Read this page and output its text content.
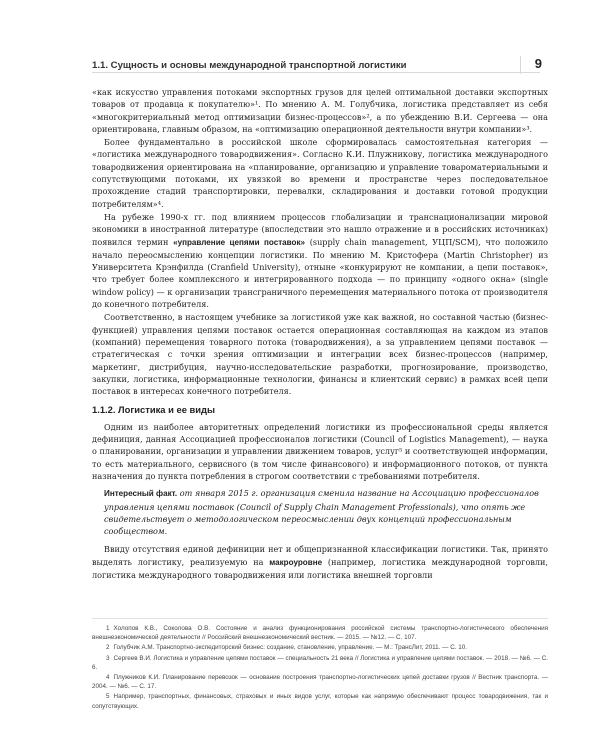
1.1. Сущность и основы международной транспортной логистики	9

«как искусство управления потоками экспортных грузов для целей оптимальной доставки экспортных товаров от продавца к покупателю»¹. По мнению А. М. Голубчика, логистика представляет из себя «многокритериальный метод оптимизации бизнес-процессов»², а по убеждению В.И. Сергеева — она ориентирована, главным образом, на «оптимизацию операционной деятельности внутри компании»³.

Более фундаментально в российской школе сформировалась самостоятельная категория — «логистика международного товародвижения». Согласно К.И. Плужникову, логистика международного товародвижения ориентирована на «планирование, организацию и управление товароматериальными и сопутствующими потоками, их увязкой во времени и пространстве через последовательное прохождение стадий транспортировки, перевалки, складирования и доставки готовой продукции потребителям»⁴.

На рубеже 1990-х гг. под влиянием процессов глобализации и транснационализации мировой экономики в иностранной литературе (впоследствии это нашло отражение и в российских источниках) появился термин «управление цепями поставок» (supply chain management, УЦП/SCM), что положило начало переосмыслению концепции логистики. По мнению М. Кристофера (Martin Christopher) из Университета Крэнфилда (Cranfield University), отныне «конкурируют не компании, а цепи поставок», что требует более комплексного и интегрированного подхода — по принципу «одного окна» (single window policy) — к организации трансграничного перемещения материального потока от производителя до конечного потребителя.

Соответственно, в настоящем учебнике за логистикой уже как важной, но составной частью (бизнес-функцией) управления цепями поставок остается операционная составляющая на каждом из этапов (компаний) перемещения товарного потока (товародвижения), а за управлением цепями поставок — стратегическая с точки зрения оптимизации и интеграции всех бизнес-процессов (например, маркетинг, дистрибуция, научно-исследовательские разработки, прогнозирование, производство, закупки, логистика, информационные технологии, финансы и клиентский сервис) в рамках всей цепи поставок в интересах конечного потребителя.

1.1.2. Логистика и ее виды

Одним из наиболее авторитетных определений логистики из профессиональной среды является дефиниция, данная Ассоциацией профессионалов логистики (Council of Logistics Management), — наука о планировании, организации и управлении движением товаров, услуг⁵ и соответствующей информации, то есть материального, сервисного (в том числе финансового) и информационного потоков, от пункта назначения до пункта потребления в строгом соответствии с требованиями потребителя.

Интересный факт. от января 2015 г. организация сменила название на Ассоциацию профессионалов управления цепями поставок (Council of Supply Chain Management Professionals), что опять же свидетельствует о методологическом переосмыслении двух концепций профессиональным сообществом.

Ввиду отсутствия единой дефиниции нет и общепризнанной классификации логистики. Так, принято выделять логистику, реализуемую на макроуровне (например, логистика международной торговли, логистика международного товародвижения или логистика внешней торговли

1 Холопов К.В., Соколова О.В. Состояние и анализ функционирования российской системы транспортно-логистического обеспечения внешнеэкономической деятельности // Российский внешнеэкономический вестник. — 2015. — №12. — С. 107.
2 Голубчик А.М. Транспортно-экспедиторский бизнес: создание, становление, управление. — М.: ТрансЛит, 2011. — С. 10.
3 Сергеев В.И. Логистика и управление цепями поставок — специальность 21 века // Логистика и управление цепями поставок. — 2018. — №6. — С. 6.
4 Плужников К.И. Планирование перевозок — основание построения транспортно-логистических цепей доставки грузов // Вестник транспорта. — 2004. — №6. — С. 17.
5 Например, транспортных, финансовых, страховых и иных видов услуг, которые как напрямую обеспечивают процесс товародвижения, так и сопутствующих.
